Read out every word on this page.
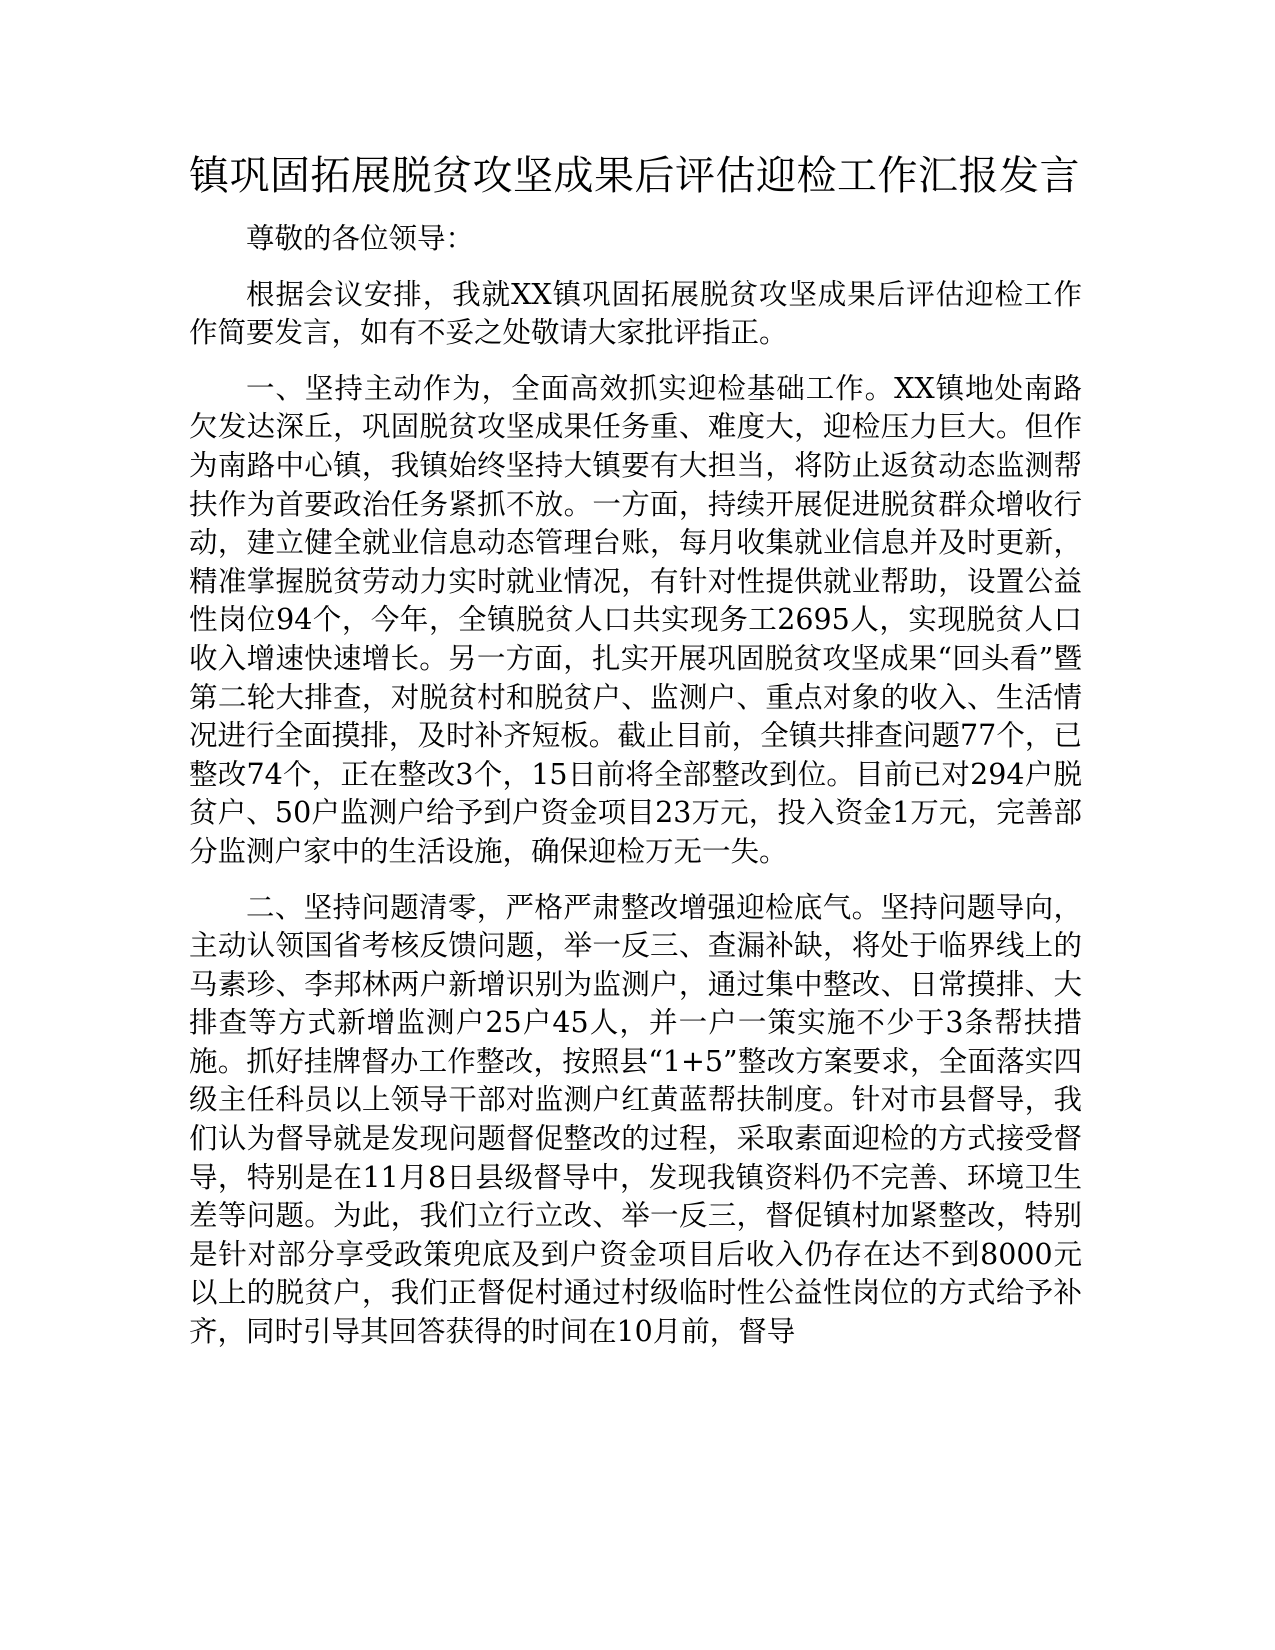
镇巩固拓展脱贫攻坚成果后评估迎检工作汇报发言

尊敬的各位领导：

根据会议安排，我就XX镇巩固拓展脱贫攻坚成果后评估迎检工作作简要发言，如有不妥之处敬请大家批评指正。

一、坚持主动作为，全面高效抓实迎检基础工作。XX镇地处南路欠发达深丘，巩固脱贫攻坚成果任务重、难度大，迎检压力巨大。但作为南路中心镇，我镇始终坚持大镇要有大担当，将防止返贫动态监测帮扶作为首要政治任务紧抓不放。一方面，持续开展促进脱贫群众增收行动，建立健全就业信息动态管理台账，每月收集就业信息并及时更新，精准掌握脱贫劳动力实时就业情况，有针对性提供就业帮助，设置公益性岗位94个，今年，全镇脱贫人口共实现务工2695人，实现脱贫人口收入增速快速增长。另一方面，扎实开展巩固脱贫攻坚成果“回头看”暨第二轮大排查，对脱贫村和脱贫户、监测户、重点对象的收入、生活情况进行全面摸排，及时补齐短板。截止目前，全镇共排查问题77个，已整改74个，正在整改3个，15日前将全部整改到位。目前已对294户脱贫户、50户监测户给予到户资金项目23万元，投入资金1万元，完善部分监测户家中的生活设施，确保迎检万无一失。

二、坚持问题清零，严格严肃整改增强迎检底气。坚持问题导向，主动认领国省考核反馈问题，举一反三、查漏补缺，将处于临界线上的马素珍、李邦林两户新增识别为监测户，通过集中整改、日常摸排、大排查等方式新增监测户25户45人，并一户一策实施不少于3条帮扶措施。抓好挂牌督办工作整改，按照县“1+5”整改方案要求，全面落实四级主任科员以上领导干部对监测户红黄蓝帮扶制度。针对市县督导，我们认为督导就是发现问题督促整改的过程，采取素面迎检的方式接受督导，特别是在11月8日县级督导中，发现我镇资料仍不完善、环境卫生差等问题。为此，我们立行立改、举一反三，督促镇村加紧整改，特别是针对部分享受政策兜底及到户资金项目后收入仍存在达不到8000元以上的脱贫户，我们正督促村通过村级临时性公益性岗位的方式给予补齐，同时引导其回答获得的时间在10月前，督导
